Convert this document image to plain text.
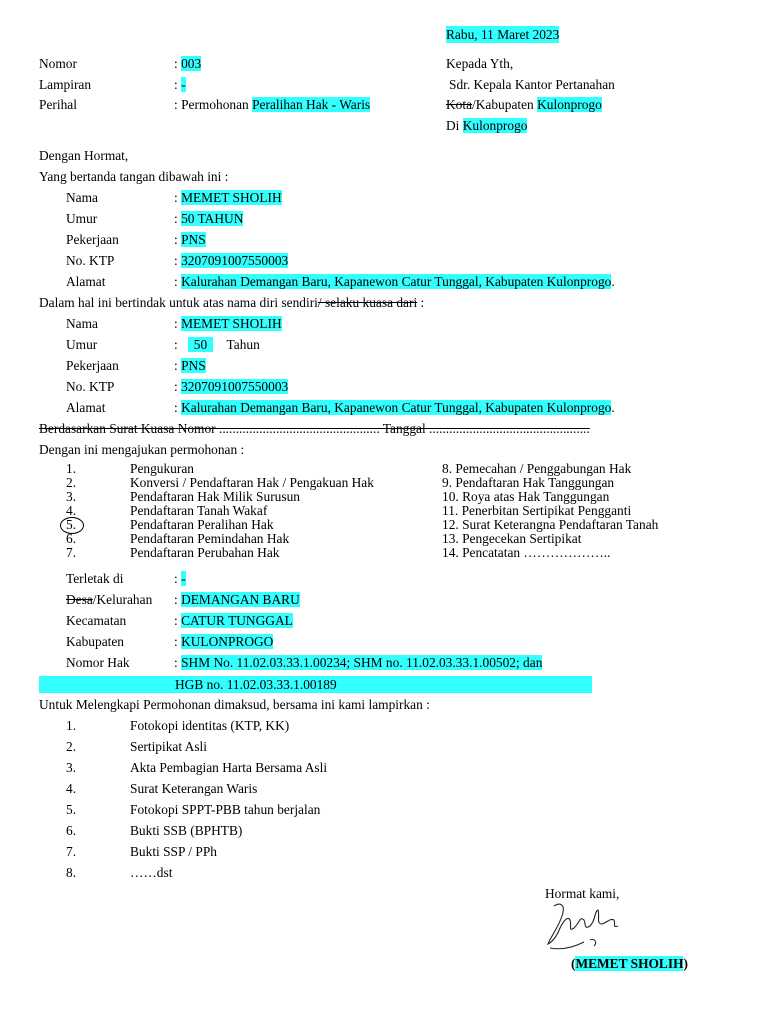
Rabu, 11 Maret 2023
Nomor	: 003
Lampiran	: -
Perihal	: Permohonan Peralihan Hak - Waris
Kepada Yth,
Sdr. Kepala Kantor Pertanahan
Kota/Kabupaten Kulonprogo
Di Kulonprogo
Dengan Hormat,
Yang bertanda tangan dibawah ini :
Nama	: MEMET SHOLIH
Umur	: 50 TAHUN
Pekerjaan	: PNS
No. KTP	: 3207091007550003
Alamat	: Kalurahan Demangan Baru, Kapanewon Catur Tunggal, Kabupaten Kulonprogo.
Dalam hal ini bertindak untuk atas nama diri sendiri/ selaku kuasa dari :
Nama	: MEMET SHOLIH
Umur	:   50 Tahun
Pekerjaan	: PNS
No. KTP	: 3207091007550003
Alamat	: Kalurahan Demangan Baru, Kapanewon Catur Tunggal, Kabupaten Kulonprogo.
Berdasarkan Surat Kuasa Nomor ................................................ Tanggal ................................................
Dengan ini mengajukan permohonan :
1.	Pengukuran
2.	Konversi / Pendaftaran Hak / Pengakuan Hak
3.	Pendaftaran Hak Milik Surusun
4.	Pendaftaran Tanah Wakaf
5.	Pendaftaran Peralihan Hak
6.	Pendaftaran Pemindahan Hak
7.	Pendaftaran Perubahan Hak
8. Pemecahan / Penggabungan Hak
9. Pendaftaran Hak Tanggungan
10. Roya atas Hak Tanggungan
11. Penerbitan Sertipikat Pengganti
12. Surat Keterangna Pendaftaran Tanah
13. Pengecekan Sertipikat
14. Pencatatan ………………..
Terletak di	: -
Desa/Kelurahan : DEMANGAN BARU
Kecamatan	: CATUR TUNGGAL
Kabupaten	: KULONPROGO
Nomor Hak	: SHM No. 11.02.03.33.1.00234; SHM no. 11.02.03.33.1.00502; dan
HGB no. 11.02.03.33.1.00189
Untuk Melengkapi Permohonan dimaksud, bersama ini kami lampirkan :
1.	Fotokopi identitas (KTP, KK)
2.	Sertipikat Asli
3.	Akta Pembagian Harta Bersama Asli
4.	Surat Keterangan Waris
5.	Fotokopi SPPT-PBB tahun berjalan
6.	Bukti SSB (BPHTB)
7.	Bukti SSP / PPh
8.	……dst
Hormat kami,
(MEMET SHOLIH)
